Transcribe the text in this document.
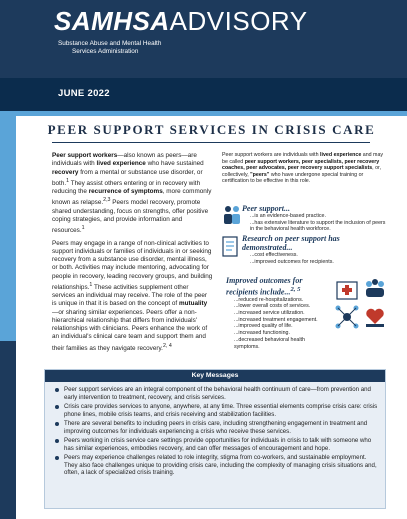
SAMHSAADVISORY
Substance Abuse and Mental Health
Services Administration
JUNE 2022
PEER SUPPORT SERVICES IN CRISIS CARE

Peer support workers—also known as peers—are individuals with lived experience who have sustained recovery from a mental or substance use disorder, or both.$^1$ They assist others entering or in recovery with reducing the recurrence of symptoms, more commonly known as relapse.$^{2,3}$ Peers model recovery, promote shared understanding, focus on strengths, offer positive coping strategies, and provide information and resources.$^1$

Peers may engage in a range of non-clinical activities to support individuals or families of individuals in or seeking recovery from a substance use disorder, mental illness, or both. Activities may include mentoring, advocating for people in recovery, leading recovery groups, and building relationships.$^1$ These activities supplement other services an individual may receive. The role of the peer is unique in that it is based on the concept of mutuality—or sharing similar experiences. Peers offer a non-hierarchical relationship that differs from individuals' relationships with clinicians. Peers enhance the work of an individual's clinical care team and support them and their families as they navigate recovery.$^{2, 4}$

Peer support workers are individuals with lived experience and may be called peer support workers, peer specialists, peer recovery coaches, peer advocates, peer recovery support specialists, or, collectively, "peers" who have undergone special training or certification to be effective in this role.
Peer support...
...is an evidence-based practice.
...has extensive literature to support the inclusion of peers in the behavioral health workforce.
Research on peer support has demonstrated...
...cost effectiveness.
...improved outcomes for recipients.
Improved outcomes for recipients include...$^{2, 5}$
...reduced re-hospitalizations.
...lower overall costs of services.
...increased service utilization.
...increased treatment engagement.
...improved quality of life.
...increased functioning.
...decreased behavioral health symptoms.
Key Messages
Peer support services are an integral component of the behavioral health continuum of care—from prevention and early intervention to treatment, recovery, and crisis services.
Crisis care provides services to anyone, anywhere, at any time. Three essential elements comprise crisis care: crisis phone lines, mobile crisis teams, and crisis receiving and stabilization facilities.
There are several benefits to including peers in crisis care, including strengthening engagement in treatment and improving outcomes for individuals experiencing a crisis who receive these services.
Peers working in crisis service care settings provide opportunities for individuals in crisis to talk with someone who has similar experiences, embodies recovery, and can offer messages of encouragement and hope.
Peers may experience challenges related to role integrity, stigma from co-workers, and sustainable employment. They also face challenges unique to providing crisis care, including the complexity of managing crisis situations and, often, a lack of specialized crisis training.
